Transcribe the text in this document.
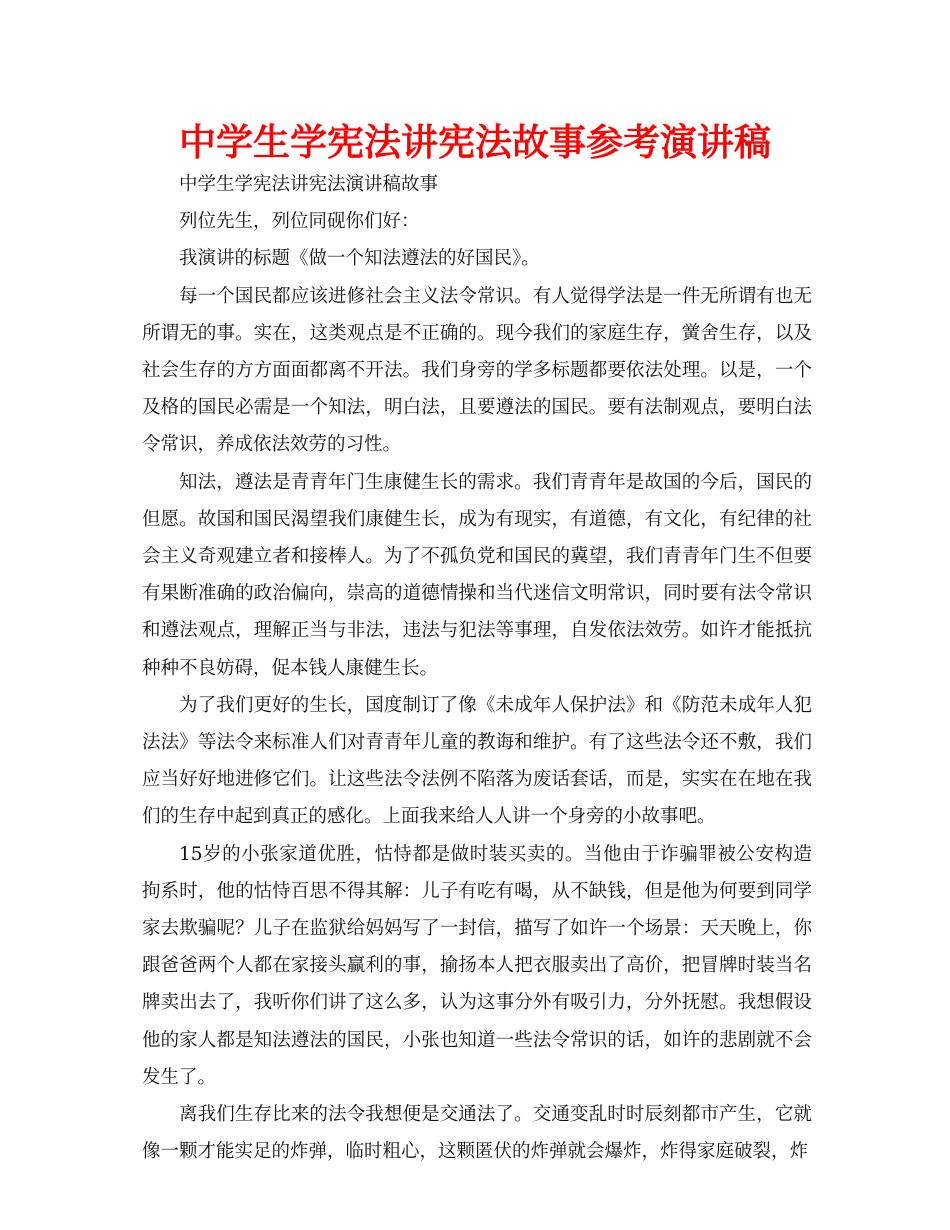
中学生学宪法讲宪法故事参考演讲稿

中学生学宪法讲宪法演讲稿故事

列位先生，列位同砚你们好：

我演讲的标题《做一个知法遵法的好国民》。

每一个国民都应该进修社会主义法令常识。有人觉得学法是一件无所谓有也无所谓无的事。实在，这类观点是不正确的。现今我们的家庭生存，黉舍生存，以及社会生存的方方面面都离不开法。我们身旁的学多标题都要依法处理。以是，一个及格的国民必需是一个知法，明白法，且要遵法的国民。要有法制观点，要明白法令常识，养成依法效劳的习性。

知法，遵法是青青年门生康健生长的需求。我们青青年是故国的今后，国民的但愿。故国和国民渴望我们康健生长，成为有现实，有道德，有文化，有纪律的社会主义奇观建立者和接棒人。为了不孤负党和国民的冀望，我们青青年门生不但要有果断准确的政治偏向，崇高的道德情操和当代迷信文明常识，同时要有法令常识和遵法观点，理解正当与非法，违法与犯法等事理，自发依法效劳。如许才能抵抗种种不良妨碍，促本钱人康健生长。

为了我们更好的生长，国度制订了像《未成年人保护法》和《防范未成年人犯法法》等法令来标准人们对青青年儿童的教诲和维护。有了这些法令还不敷，我们应当好好地进修它们。让这些法令法例不陷落为废话套话，而是，实实在在地在我们的生存中起到真正的感化。上面我来给人人讲一个身旁的小故事吧。

15岁的小张家道优胜，怙恃都是做时装买卖的。当他由于诈骗罪被公安构造拘系时，他的怙恃百思不得其解：儿子有吃有喝，从不缺钱，但是他为何要到同学家去欺骗呢？儿子在监狱给妈妈写了一封信，描写了如许一个场景：天天晚上，你跟爸爸两个人都在家接头赢利的事，揄扬本人把衣服卖出了高价，把冒牌时装当名牌卖出去了，我听你们讲了这么多，认为这事分外有吸引力，分外抚慰。我想假设他的家人都是知法遵法的国民，小张也知道一些法令常识的话，如许的悲剧就不会发生了。

离我们生存比来的法令我想便是交通法了。交通变乱时时辰刻都市产生，它就像一颗才能实足的炸弹，临时粗心，这颗匿伏的炸弹就会爆炸，炸得家庭破裂，炸
